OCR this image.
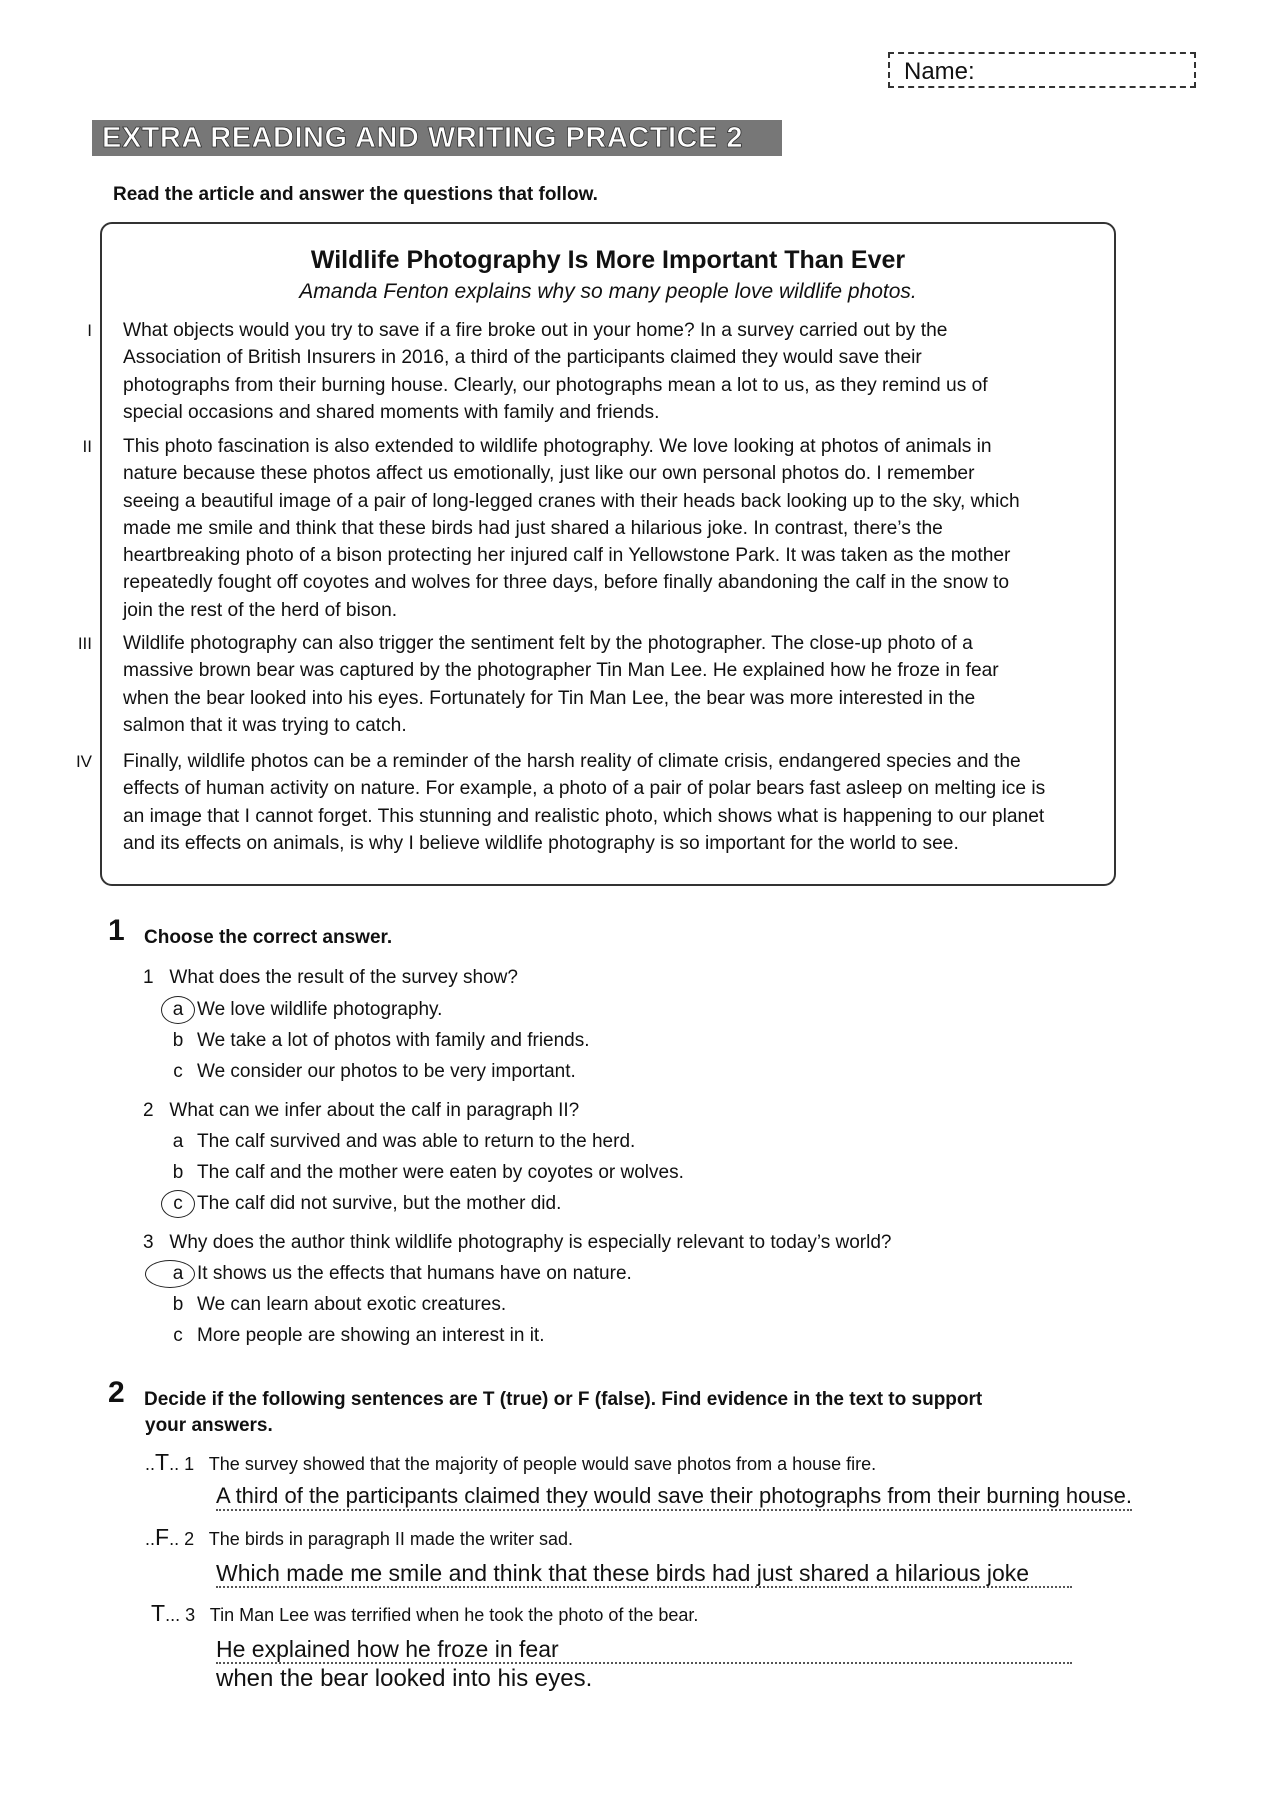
Name:
EXTRA READING AND WRITING PRACTICE 2
Read the article and answer the questions that follow.
Wildlife Photography Is More Important Than Ever
Amanda Fenton explains why so many people love wildlife photos.
I What objects would you try to save if a fire broke out in your home? In a survey carried out by the
Association of British Insurers in 2016, a third of the participants claimed they would save their
photographs from their burning house. Clearly, our photographs mean a lot to us, as they remind us of
special occasions and shared moments with family and friends.
II This photo fascination is also extended to wildlife photography. We love looking at photos of animals in
nature because these photos affect us emotionally, just like our own personal photos do. I remember
seeing a beautiful image of a pair of long-legged cranes with their heads back looking up to the sky, which
made me smile and think that these birds had just shared a hilarious joke. In contrast, there’s the
heartbreaking photo of a bison protecting her injured calf in Yellowstone Park. It was taken as the mother
repeatedly fought off coyotes and wolves for three days, before finally abandoning the calf in the snow to
join the rest of the herd of bison.
III Wildlife photography can also trigger the sentiment felt by the photographer. The close-up photo of a
massive brown bear was captured by the photographer Tin Man Lee. He explained how he froze in fear
when the bear looked into his eyes. Fortunately for Tin Man Lee, the bear was more interested in the
salmon that it was trying to catch.
IV Finally, wildlife photos can be a reminder of the harsh reality of climate crisis, endangered species and the
effects of human activity on nature. For example, a photo of a pair of polar bears fast asleep on melting ice is
an image that I cannot forget. This stunning and realistic photo, which shows what is happening to our planet
and its effects on animals, is why I believe wildlife photography is so important for the world to see.
1 Choose the correct answer.
1 What does the result of the survey show?
a We love wildlife photography.
b We take a lot of photos with family and friends.
c We consider our photos to be very important.
2 What can we infer about the calf in paragraph II?
a The calf survived and was able to return to the herd.
b The calf and the mother were eaten by coyotes or wolves.
c The calf did not survive, but the mother did.
3 Why does the author think wildlife photography is especially relevant to today’s world?
a It shows us the effects that humans have on nature.
b We can learn about exotic creatures.
c More people are showing an interest in it.
2 Decide if the following sentences are T (true) or F (false). Find evidence in the text to support
your answers.
..T.. 1 The survey showed that the majority of people would save photos from a house fire.
A third of the participants claimed they would save their photographs from their burning house.
..F.. 2 The birds in paragraph II made the writer sad.
Which made me smile and think that these birds had just shared a hilarious joke
T... 3 Tin Man Lee was terrified when he took the photo of the bear.
He explained how he froze in fear
when the bear looked into his eyes.
